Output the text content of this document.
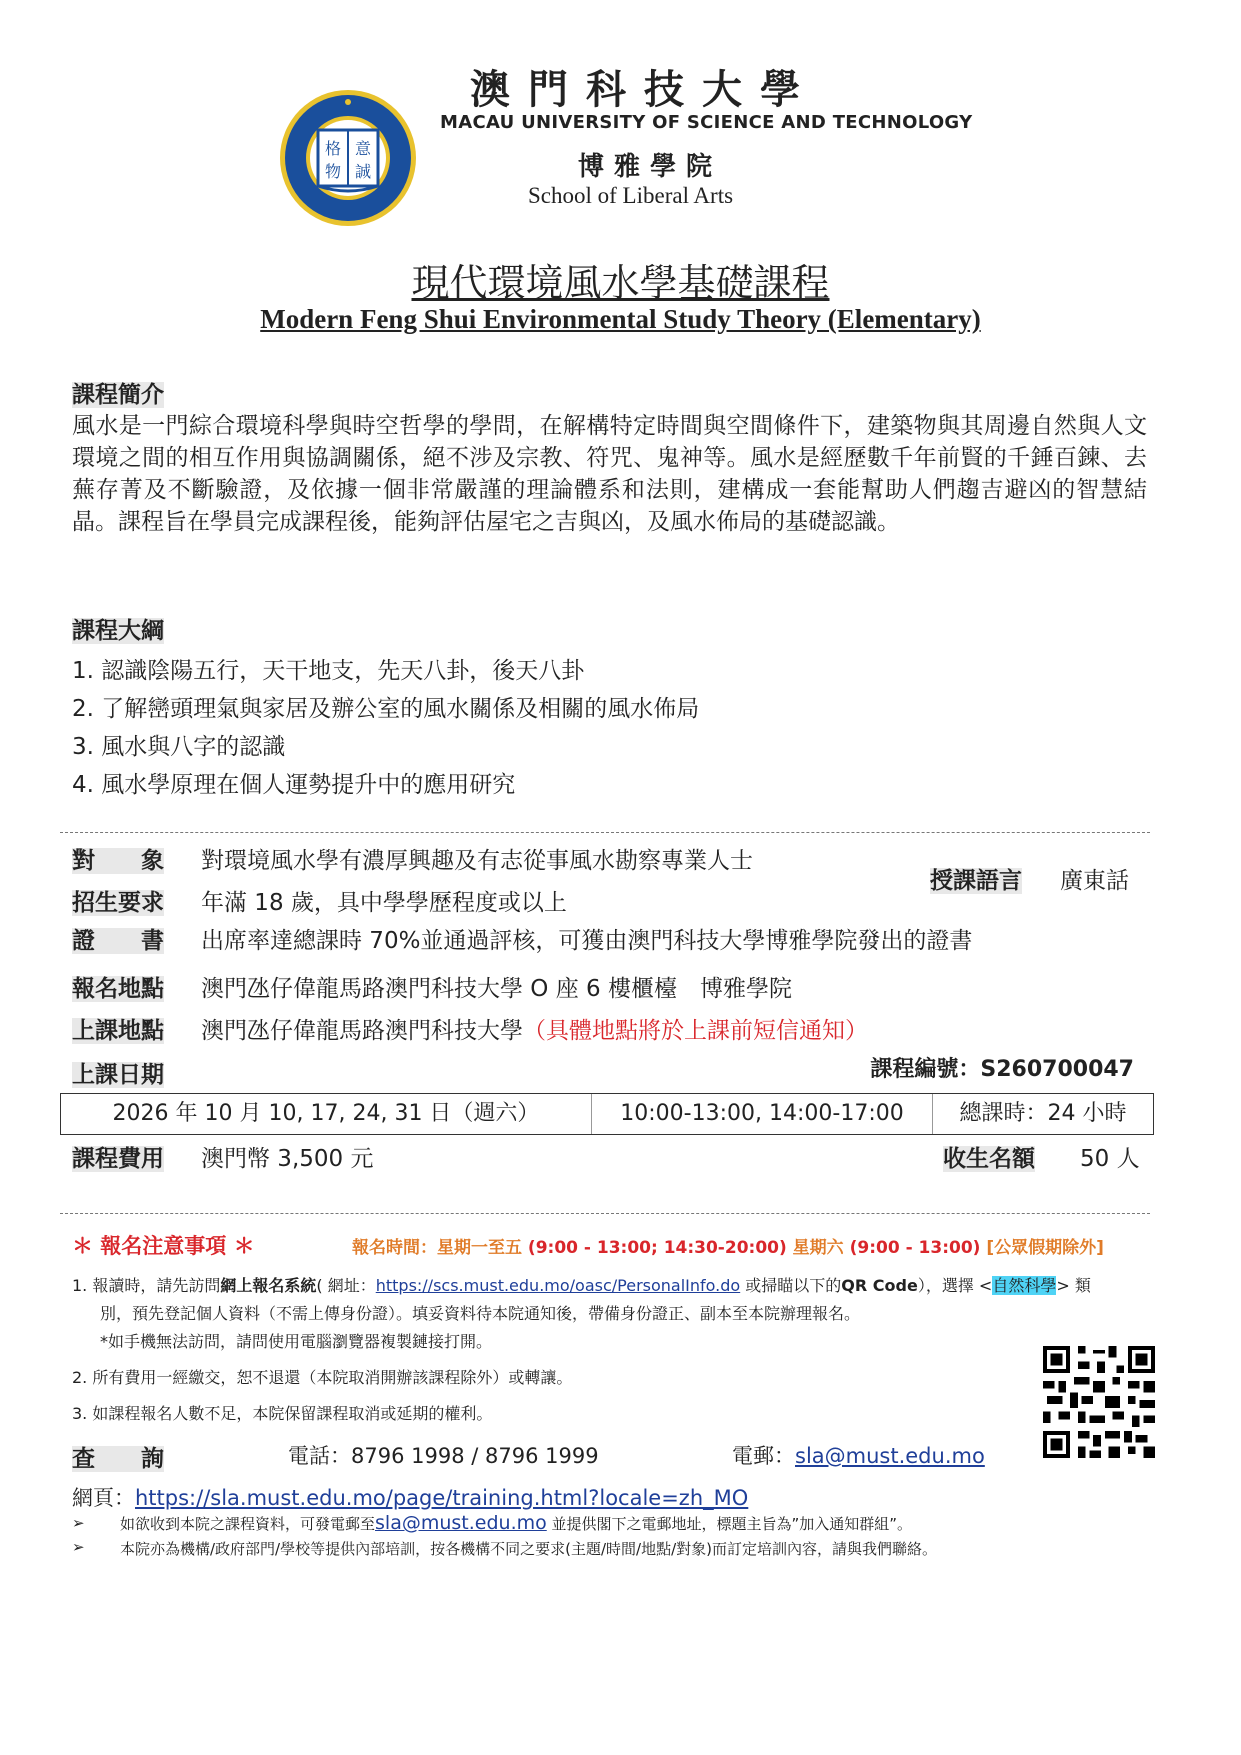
格 意
物 誠
澳門科技大學
MACAU UNIVERSITY OF SCIENCE AND TECHNOLOGY
博雅學院
School of Liberal Arts
現代環境風水學基礎課程
Modern Feng Shui Environmental Study Theory (Elementary)
課程簡介
風水是一門綜合環境科學與時空哲學的學問，在解構特定時間與空間條件下，建築物與其周邊自然與人文環境之間的相互作用與協調關係，絕不涉及宗教、符咒、鬼神等。風水是經歷數千年前賢的千錘百鍊、去蕪存菁及不斷驗證，及依據一個非常嚴謹的理論體系和法則，建構成一套能幫助人們趨吉避凶的智慧結晶。課程旨在學員完成課程後，能夠評估屋宅之吉與凶，及風水佈局的基礎認識。
課程大綱
1. 認識陰陽五行，天干地支，先天八卦，後天八卦
2. 了解巒頭理氣與家居及辦公室的風水關係及相關的風水佈局
3. 風水與八字的認識
4. 風水學原理在個人運勢提升中的應用研究
對　　象	對環境風水學有濃厚興趣及有志從事風水勘察專業人士
授課語言 廣東話
招生要求	年滿 18 歲，具中學學歷程度或以上
證　　書	出席率達總課時 70%並通過評核，可獲由澳門科技大學博雅學院發出的證書
報名地點	澳門氹仔偉龍馬路澳門科技大學 O 座 6 樓櫃檯　博雅學院
上課地點	澳門氹仔偉龍馬路澳門科技大學（具體地點將於上課前短信通知）
上課日期	課程編號：S260700047
2026 年 10 月 10, 17, 24, 31 日（週六）	10:00-13:00, 14:00-17:00	總課時：24 小時
課程費用	澳門幣 3,500 元	收生名額 50 人
＊ 報名注意事項 ＊	報名時間：星期一至五 (9:00 - 13:00; 14:30-20:00) 星期六 (9:00 - 13:00) [公眾假期除外]
1. 報讀時，請先訪問網上報名系統( 網址：https://scs.must.edu.mo/oasc/PersonalInfo.do 或掃瞄以下的QR Code），選擇 <自然科學> 類
別，預先登記個人資料（不需上傳身份證）。填妥資料待本院通知後，帶備身份證正、副本至本院辦理報名。
*如手機無法訪問，請問使用電腦瀏覽器複製鏈接打開。
2. 所有費用一經繳交，恕不退還（本院取消開辦該課程除外）或轉讓。
3. 如課程報名人數不足，本院保留課程取消或延期的權利。
查　　詢	電話：8796 1998 / 8796 1999	電郵：sla@must.edu.mo
網頁：https://sla.must.edu.mo/page/training.html?locale=zh_MO
➢ 如欲收到本院之課程資料，可發電郵至sla@must.edu.mo 並提供閣下之電郵地址，標題主旨為”加入通知群組”。
➢ 本院亦為機構/政府部門/學校等提供內部培訓，按各機構不同之要求(主題/時間/地點/對象)而訂定培訓內容，請與我們聯絡。
